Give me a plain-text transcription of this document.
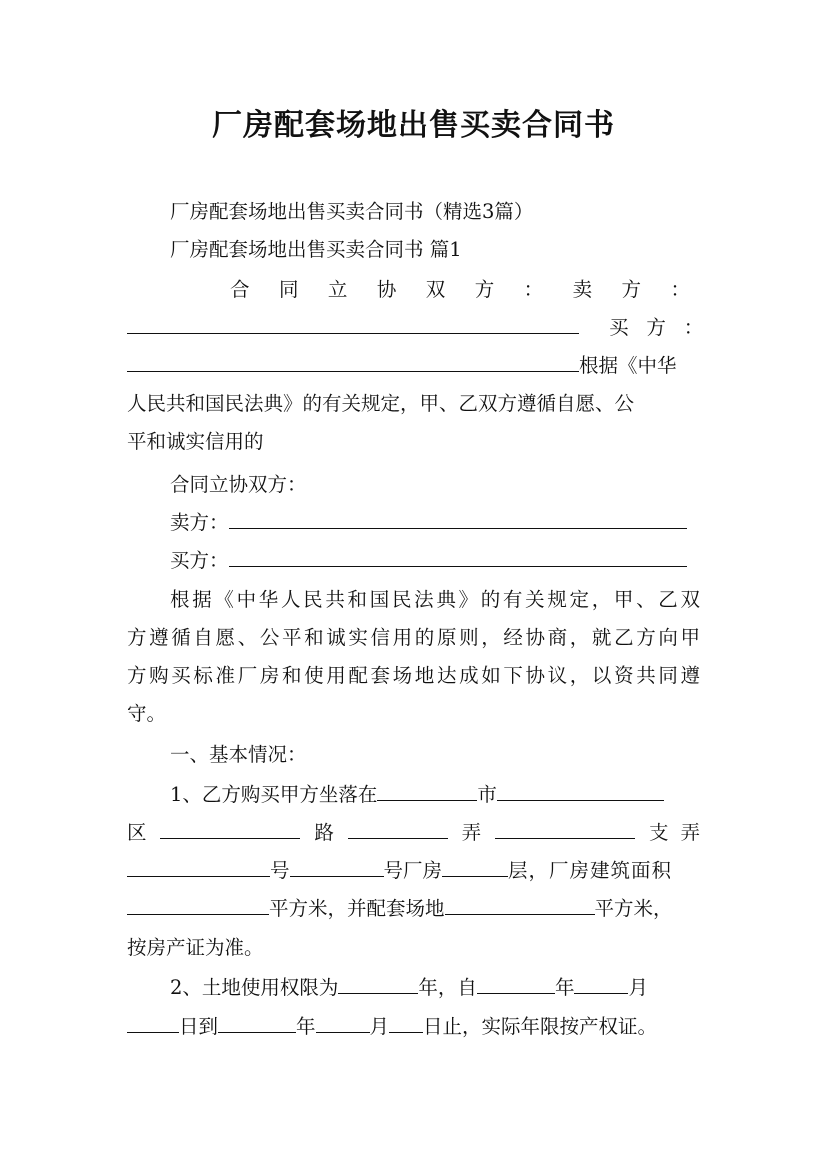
厂房配套场地出售买卖合同书
厂房配套场地出售买卖合同书（精选3篇）
厂房配套场地出售买卖合同书 篇1
合 同 立 协 双 方 ： 卖 方 ：

买 方 ：
根据《中华
人民共和国民法典》的有关规定，甲、乙双方遵循自愿、公
平和诚实信用的
合同立协双方：
卖方：
买方：
根据《中华人民共和国民法典》的有关规定，甲、乙双
方遵循自愿、公平和诚实信用的原则，经协商，就乙方向甲
方购买标准厂房和使用配套场地达成如下协议，以资共同遵
守。
一、基本情况：
1、乙方购买甲方坐落在	市
区	路	弄	支弄
号	号厂房	层，厂房建筑面积
平方米，并配套场地	平方米，
按房产证为准。
2、土地使用权限为	年，自	年	月
日到	年	月 日止，实际年限按产权证。
